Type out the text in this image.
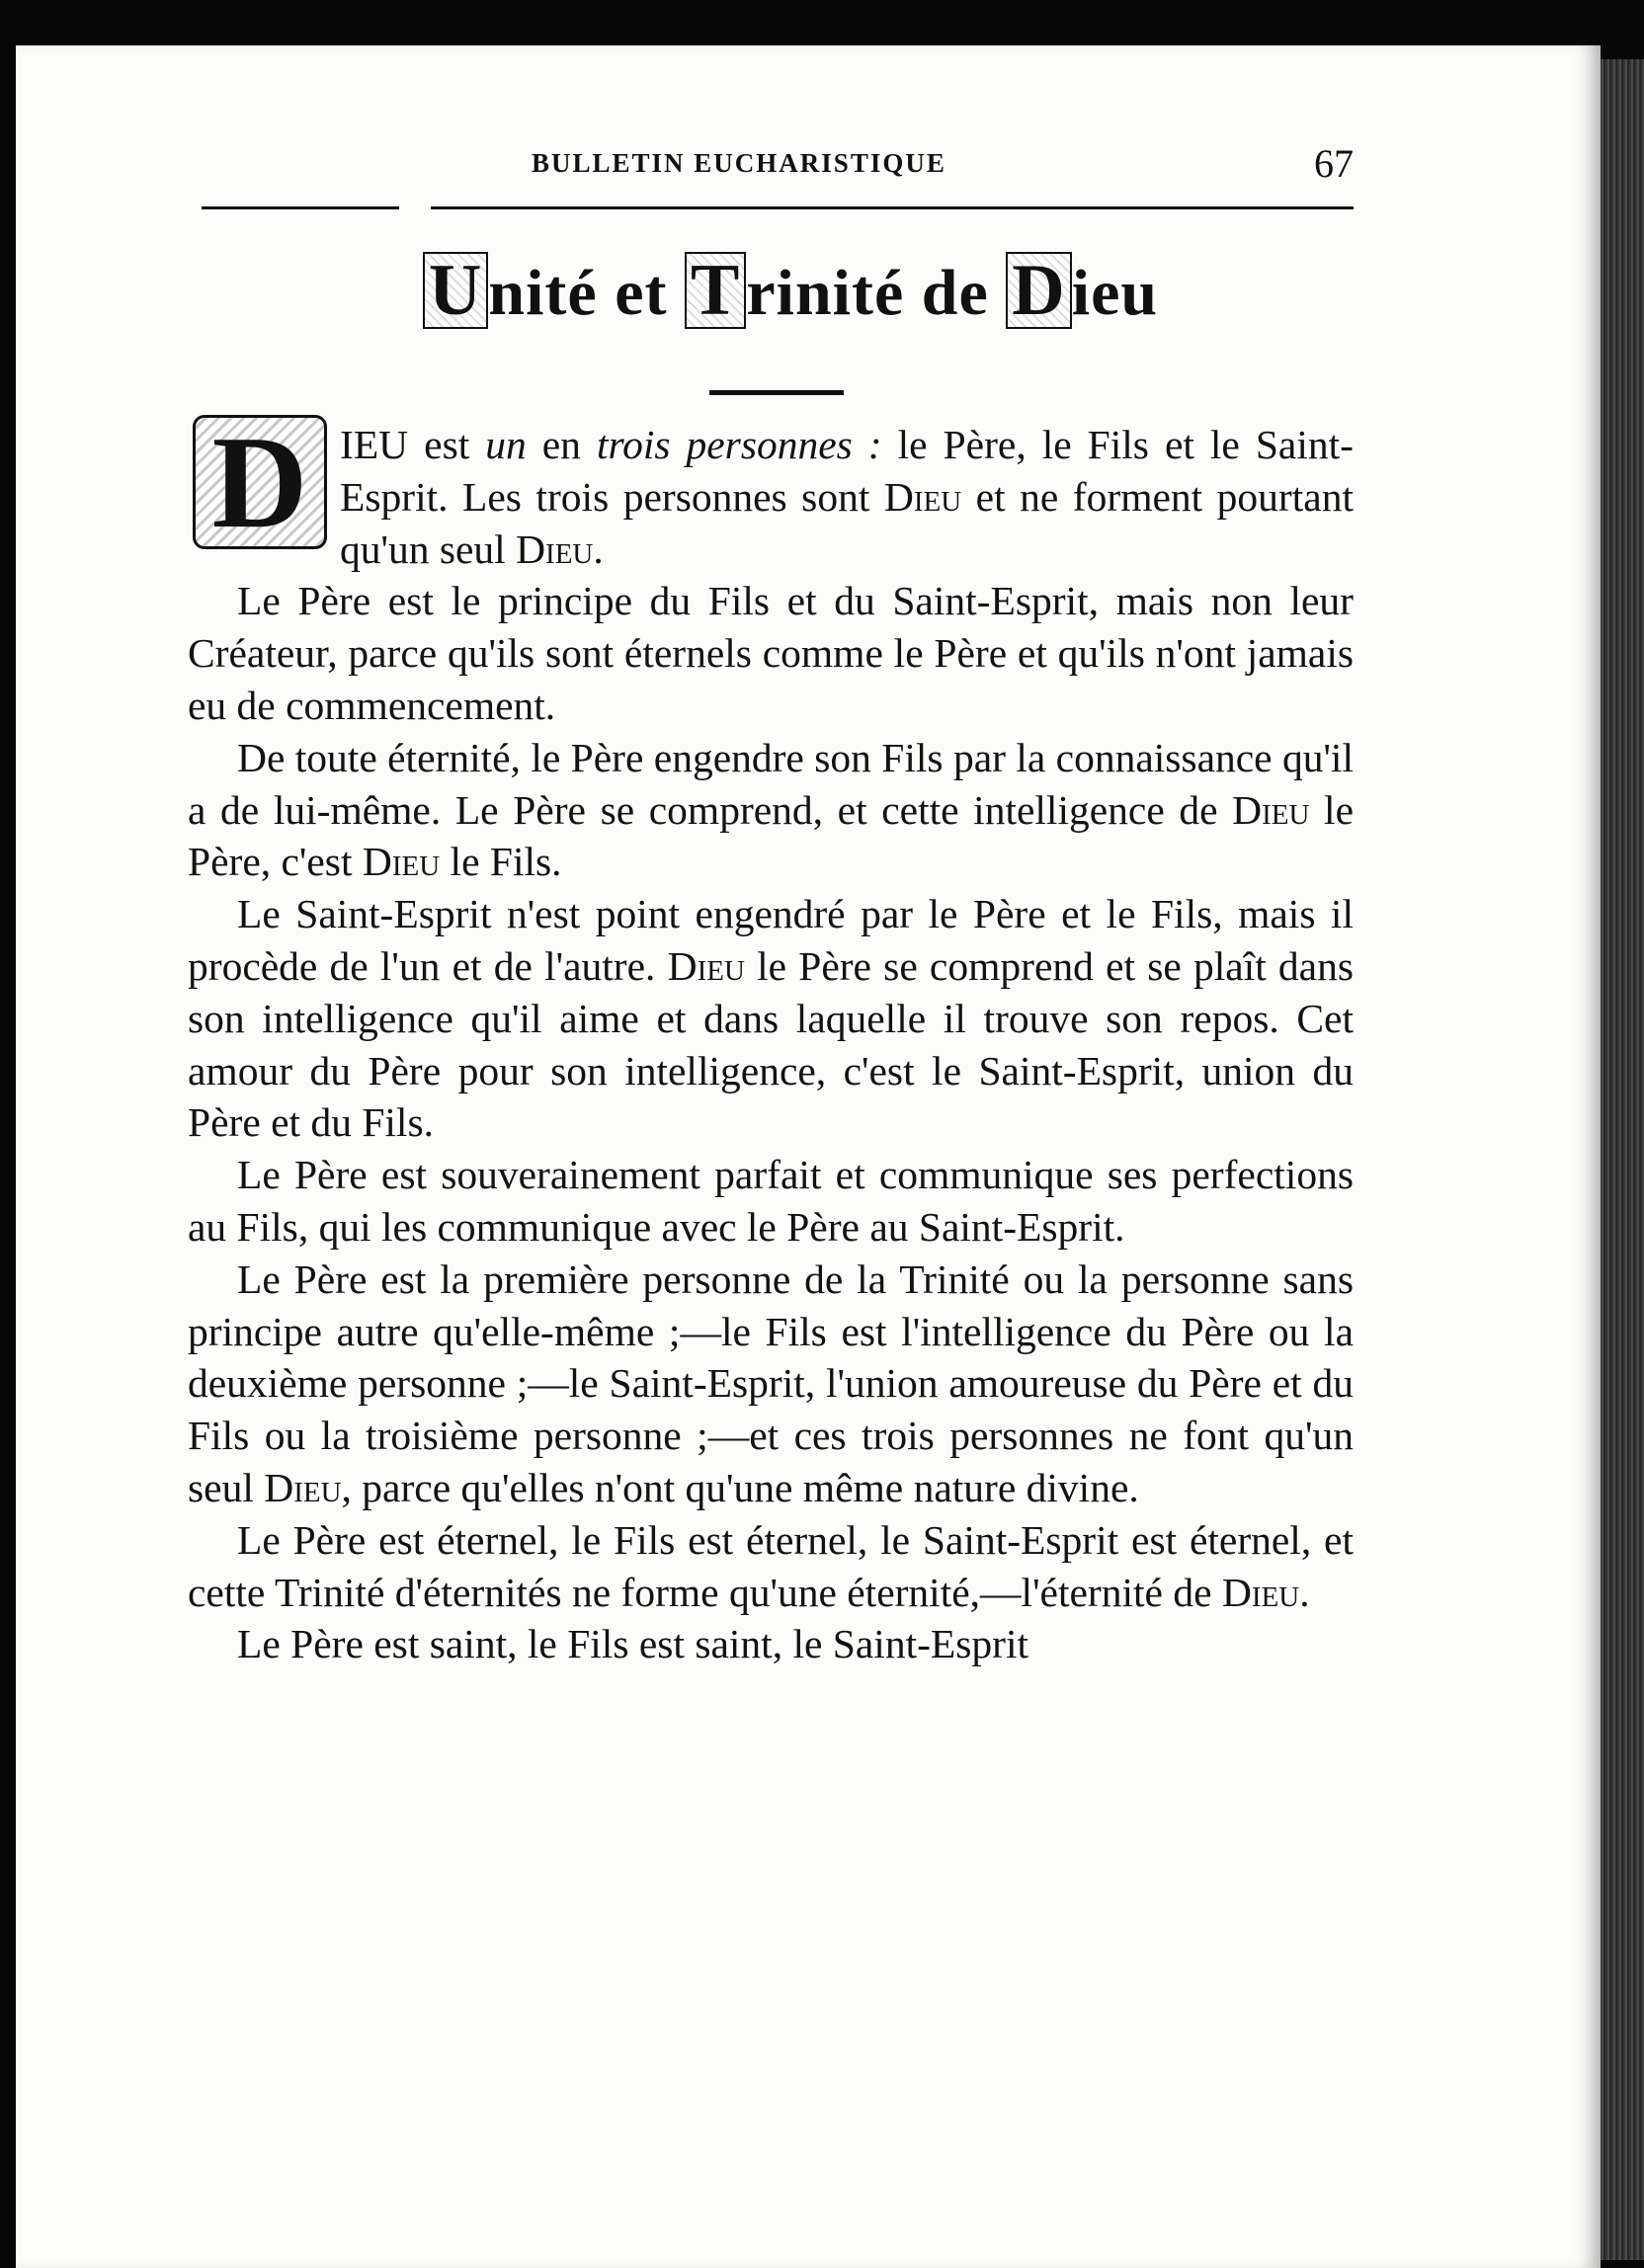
BULLETIN EUCHARISTIQUE	67
Unité et Trinité de Dieu
D IEU est un en trois personnes : le Père, le Fils et le Saint-Esprit. Les trois personnes sont Dieu et ne forment pourtant qu'un seul Dieu.

Le Père est le principe du Fils et du Saint-Esprit, mais non leur Créateur, parce qu'ils sont éternels comme le Père et qu'ils n'ont jamais eu de commencement.

De toute éternité, le Père engendre son Fils par la connaissance qu'il a de lui-même. Le Père se comprend, et cette intelligence de Dieu le Père, c'est Dieu le Fils.

Le Saint-Esprit n'est point engendré par le Père et le Fils, mais il procède de l'un et de l'autre. Dieu le Père se comprend et se plaît dans son intelligence qu'il aime et dans laquelle il trouve son repos. Cet amour du Père pour son intelligence, c'est le Saint-Esprit, union du Père et du Fils.

Le Père est souverainement parfait et communique ses perfections au Fils, qui les communique avec le Père au Saint-Esprit.

Le Père est la première personne de la Trinité ou la personne sans principe autre qu'elle-même ;—le Fils est l'intelligence du Père ou la deuxième personne ;—le Saint-Esprit, l'union amoureuse du Père et du Fils ou la troisième personne ;—et ces trois personnes ne font qu'un seul Dieu, parce qu'elles n'ont qu'une même nature divine.

Le Père est éternel, le Fils est éternel, le Saint-Esprit est éternel, et cette Trinité d'éternités ne forme qu'une éternité,—l'éternité de Dieu.

Le Père est saint, le Fils est saint, le Saint-Esprit
